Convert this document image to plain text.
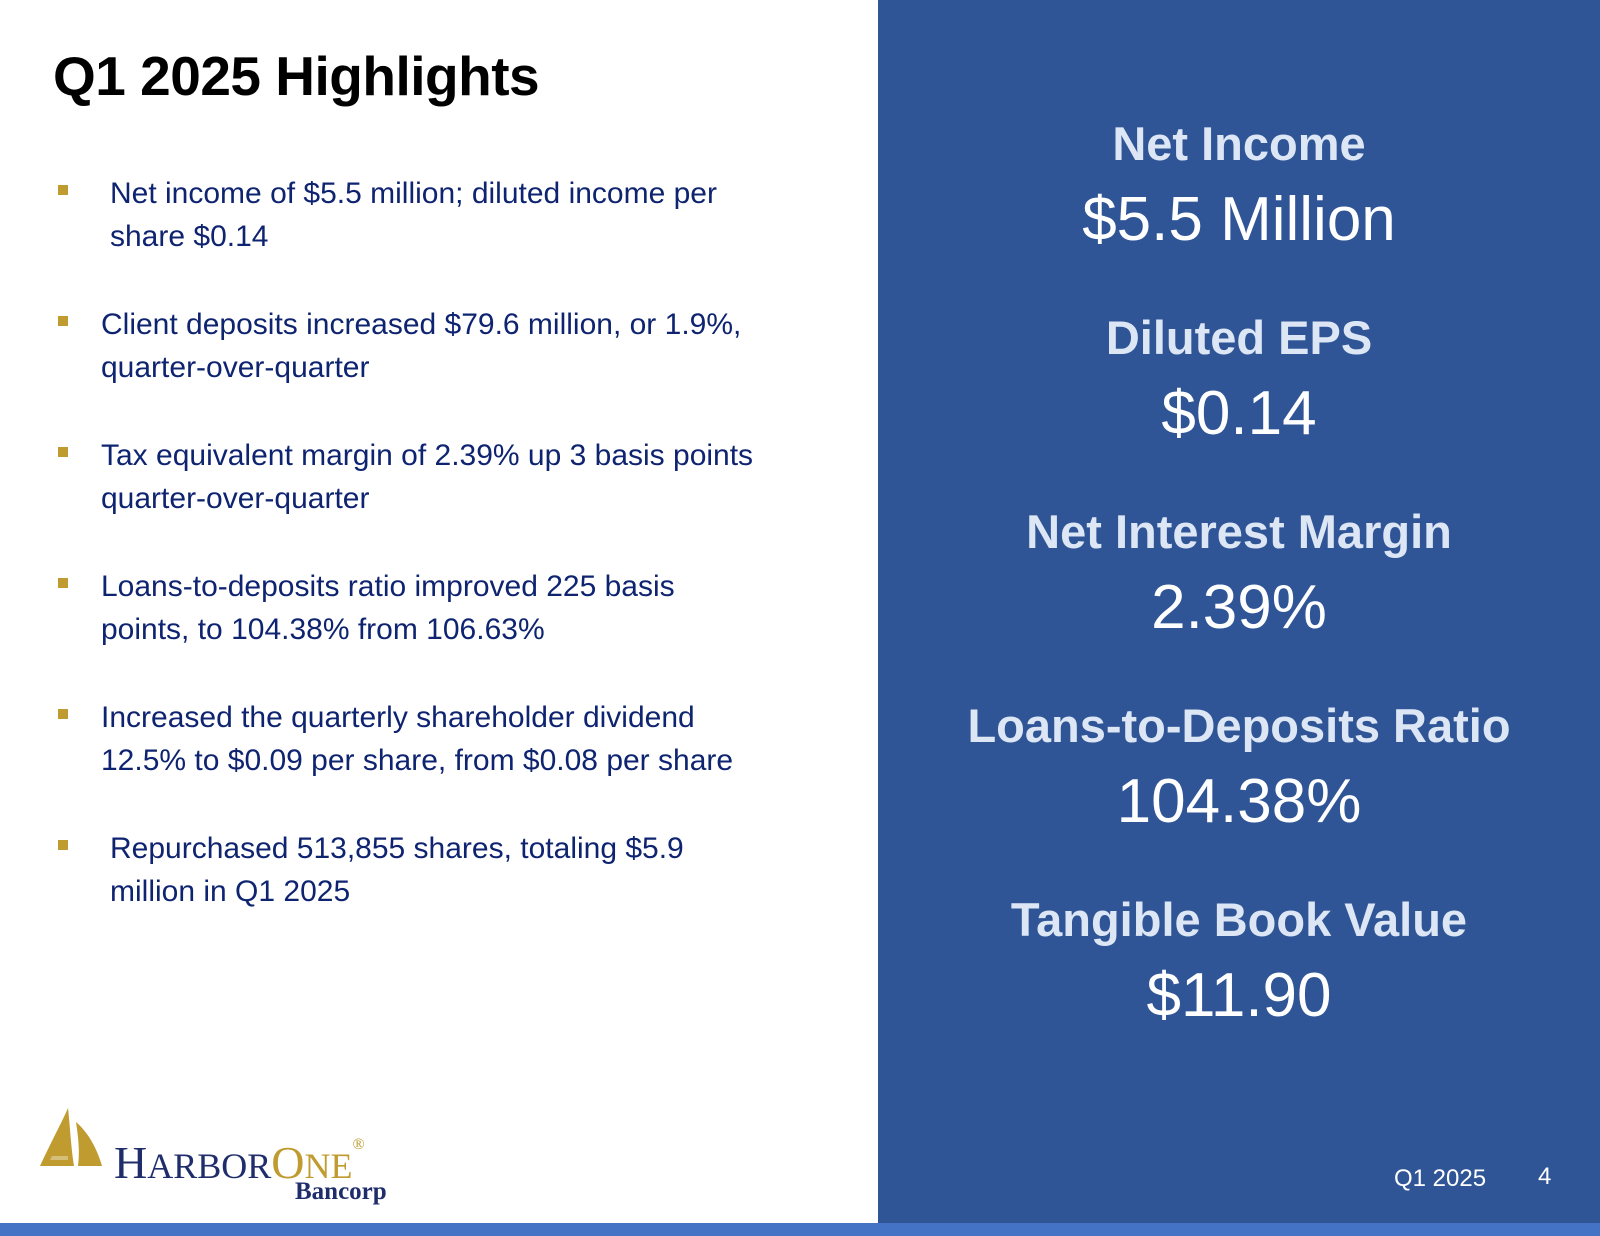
Q1 2025 Highlights
Net income of $5.5 million; diluted income per
share $0.14
Client deposits increased $79.6 million, or 1.9%,
quarter-over-quarter
Tax equivalent margin of 2.39% up 3 basis points
quarter-over-quarter
Loans-to-deposits ratio improved 225 basis
points, to 104.38% from 106.63%
Increased the quarterly shareholder dividend
12.5% to $0.09 per share, from $0.08 per share
Repurchased 513,855 shares, totaling $5.9
million in Q1 2025
Net Income
$5.5 Million
Diluted EPS
$0.14
Net Interest Margin
2.39%
Loans-to-Deposits Ratio
104.38%
Tangible Book Value
$11.90
Q1 2025 4
HARBORONE®
Bancorp
